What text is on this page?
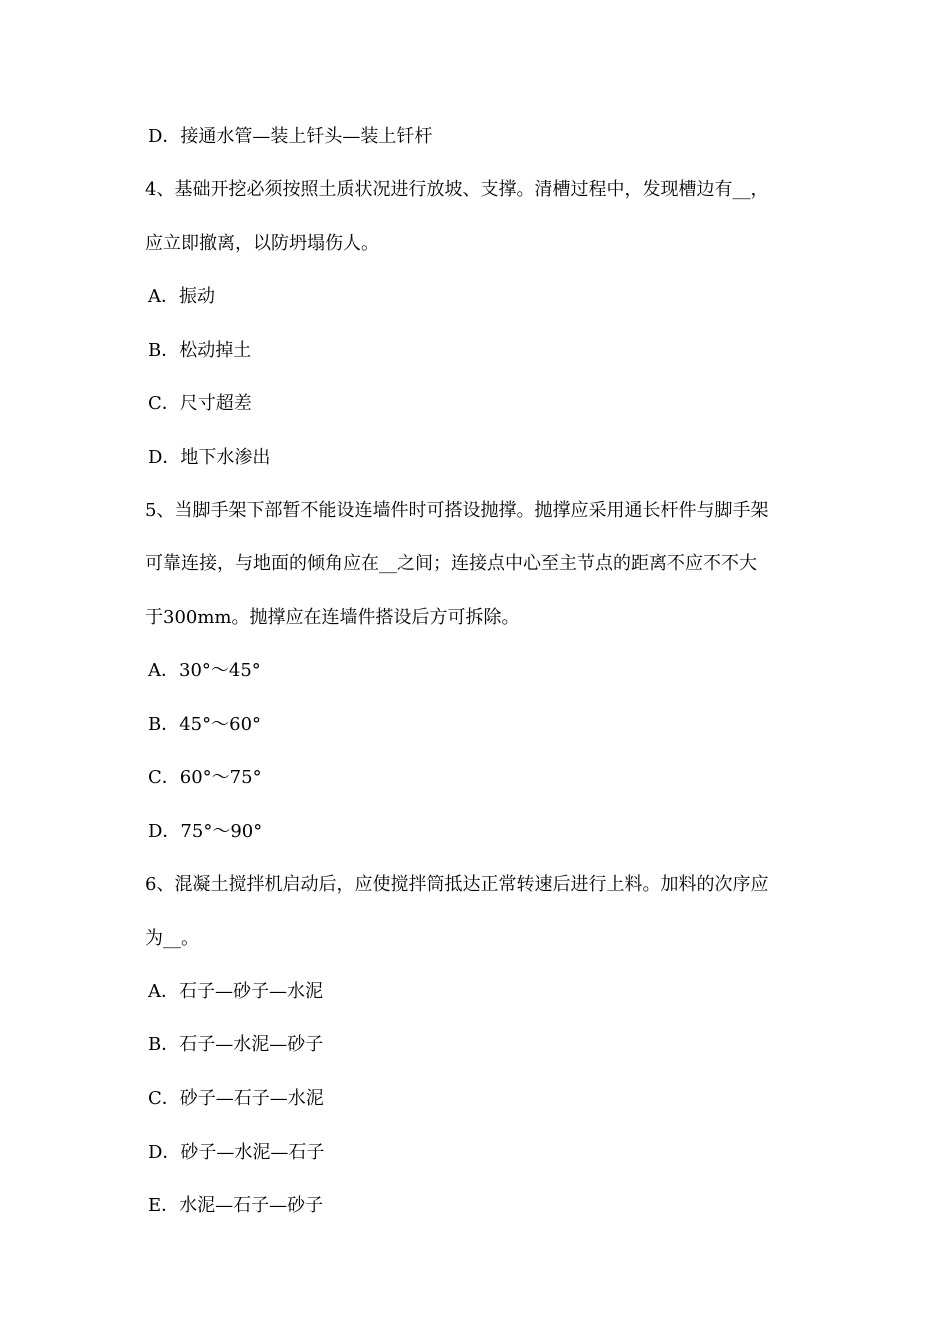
D．接通水管—装上钎头—装上钎杆
4、基础开挖必须按照土质状况进行放坡、支撑。清槽过程中，发现槽边有__，
应立即撤离，以防坍塌伤人。
A．振动
B．松动掉土
C．尺寸超差
D．地下水渗出
5、当脚手架下部暂不能设连墙件时可搭设抛撑。抛撑应采用通长杆件与脚手架
可靠连接，与地面的倾角应在__之间；连接点中心至主节点的距离不应不不大
于300mm。抛撑应在连墙件搭设后方可拆除。
A．30°～45°
B．45°～60°
C．60°～75°
D．75°～90°
6、混凝土搅拌机启动后，应使搅拌筒抵达正常转速后进行上料。加料的次序应
为__。
A．石子—砂子—水泥
B．石子—水泥—砂子
C．砂子—石子—水泥
D．砂子—水泥—石子
E．水泥—石子—砂子
